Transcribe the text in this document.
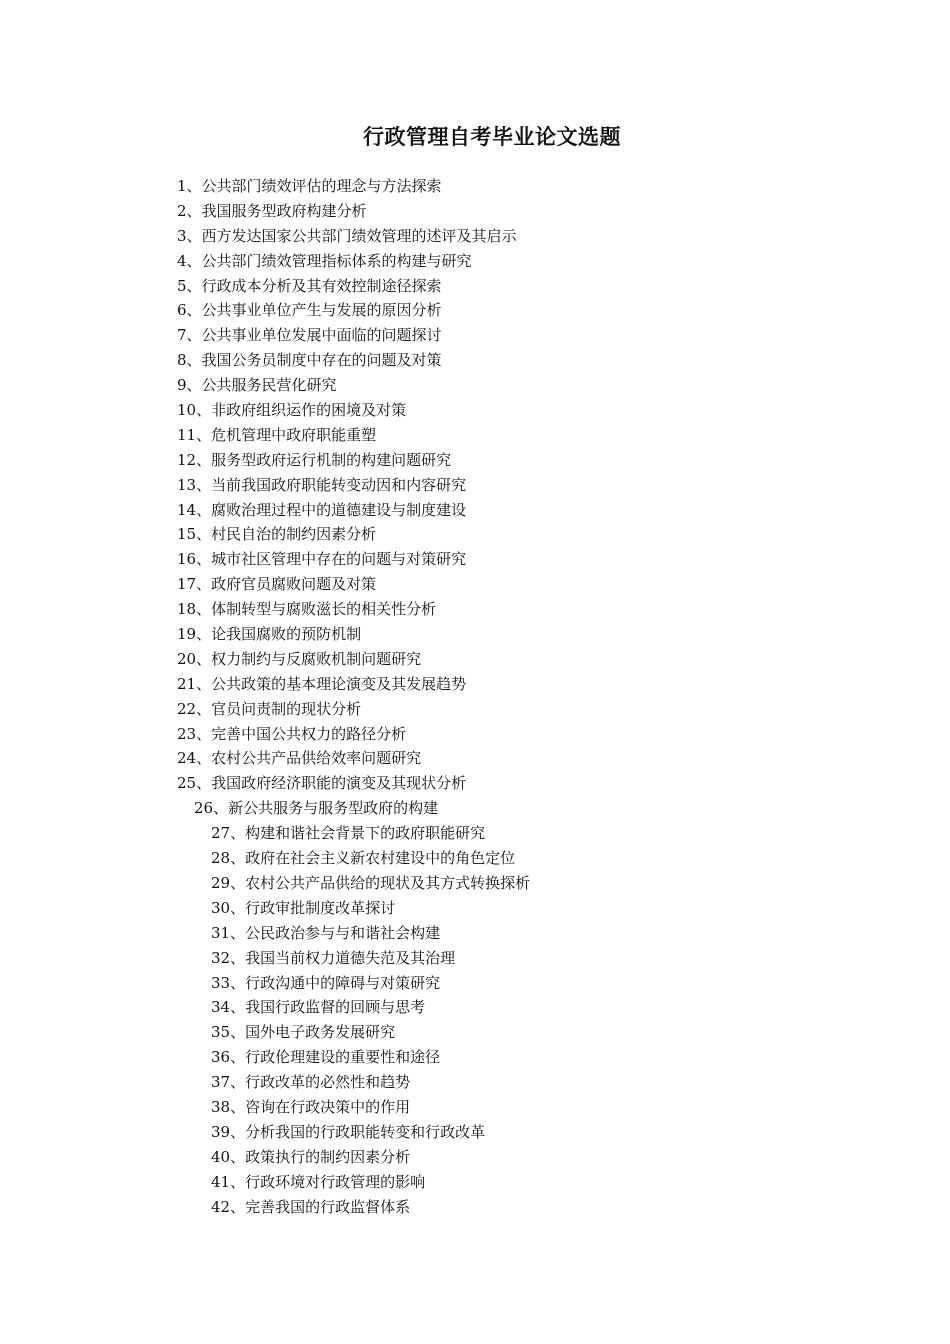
行政管理自考毕业论文选题
1、公共部门绩效评估的理念与方法探索
2、我国服务型政府构建分析
3、西方发达国家公共部门绩效管理的述评及其启示
4、公共部门绩效管理指标体系的构建与研究
5、行政成本分析及其有效控制途径探索
6、公共事业单位产生与发展的原因分析
7、公共事业单位发展中面临的问题探讨
8、我国公务员制度中存在的问题及对策
9、公共服务民营化研究
10、非政府组织运作的困境及对策
11、危机管理中政府职能重塑
12、服务型政府运行机制的构建问题研究
13、当前我国政府职能转变动因和内容研究
14、腐败治理过程中的道德建设与制度建设
15、村民自治的制约因素分析
16、城市社区管理中存在的问题与对策研究
17、政府官员腐败问题及对策
18、体制转型与腐败滋长的相关性分析
19、论我国腐败的预防机制
20、权力制约与反腐败机制问题研究
21、公共政策的基本理论演变及其发展趋势
22、官员问责制的现状分析
23、完善中国公共权力的路径分析
24、农村公共产品供给效率问题研究
25、我国政府经济职能的演变及其现状分析
26、新公共服务与服务型政府的构建
27、构建和谐社会背景下的政府职能研究
28、政府在社会主义新农村建设中的角色定位
29、农村公共产品供给的现状及其方式转换探析
30、行政审批制度改革探讨
31、公民政治参与与和谐社会构建
32、我国当前权力道德失范及其治理
33、行政沟通中的障碍与对策研究
34、我国行政监督的回顾与思考
35、国外电子政务发展研究
36、行政伦理建设的重要性和途径
37、行政改革的必然性和趋势
38、咨询在行政决策中的作用
39、分析我国的行政职能转变和行政改革
40、政策执行的制约因素分析
41、行政环境对行政管理的影响
42、完善我国的行政监督体系
